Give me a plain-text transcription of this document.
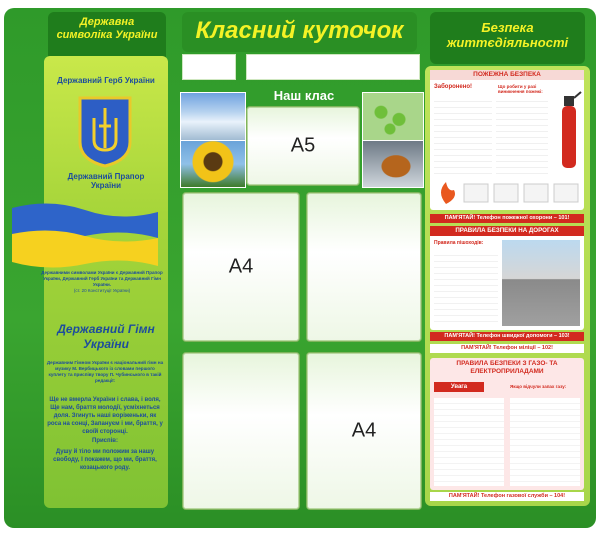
Державна символіка України	Класний куточок	Безпека життєдіяльності
Державний Герб України
Державний Прапор України
Державними символами України є Державний Прапор України, Державний Герб України та Державний Гімн України.
(ст. 20 Конституції України)
Державний Гімн України
Державним Гімном України є національний гімн на музику М. Вербицького із словами першого куплету та приспіву твору П. Чубинського в такій редакції:
Ще не вмерла України і слава, і воля, Ще нам, браття молодії, усміхнеться доля. Згинуть наші воріженьки, як роса на сонці, Запануєм і ми, браття, у своїй сторонці.
Приспів:
Душу й тіло ми положим за нашу свободу, І покажем, що ми, браття, козацького роду.
Наш клас
A5
A4
A4
ПОЖЕЖНА БЕЗПЕКА
Заборонено!	Що робити у разі виникнення пожежі:
ПАМ'ЯТАЙ! Телефон пожежної охорони – 101!
ПРАВИЛА БЕЗПЕКИ НА ДОРОГАХ
Правила пішоходів:
ПАМ'ЯТАЙ! Телефон швидкої допомоги – 103!
ПАМ'ЯТАЙ! Телефон міліції – 102!
ПРАВИЛА БЕЗПЕКИ З ГАЗО- ТА ЕЛЕКТРОПРИЛАДАМИ
Увага	Якщо відчули запах газу:
ПАМ'ЯТАЙ! Телефон газової служби – 104!
